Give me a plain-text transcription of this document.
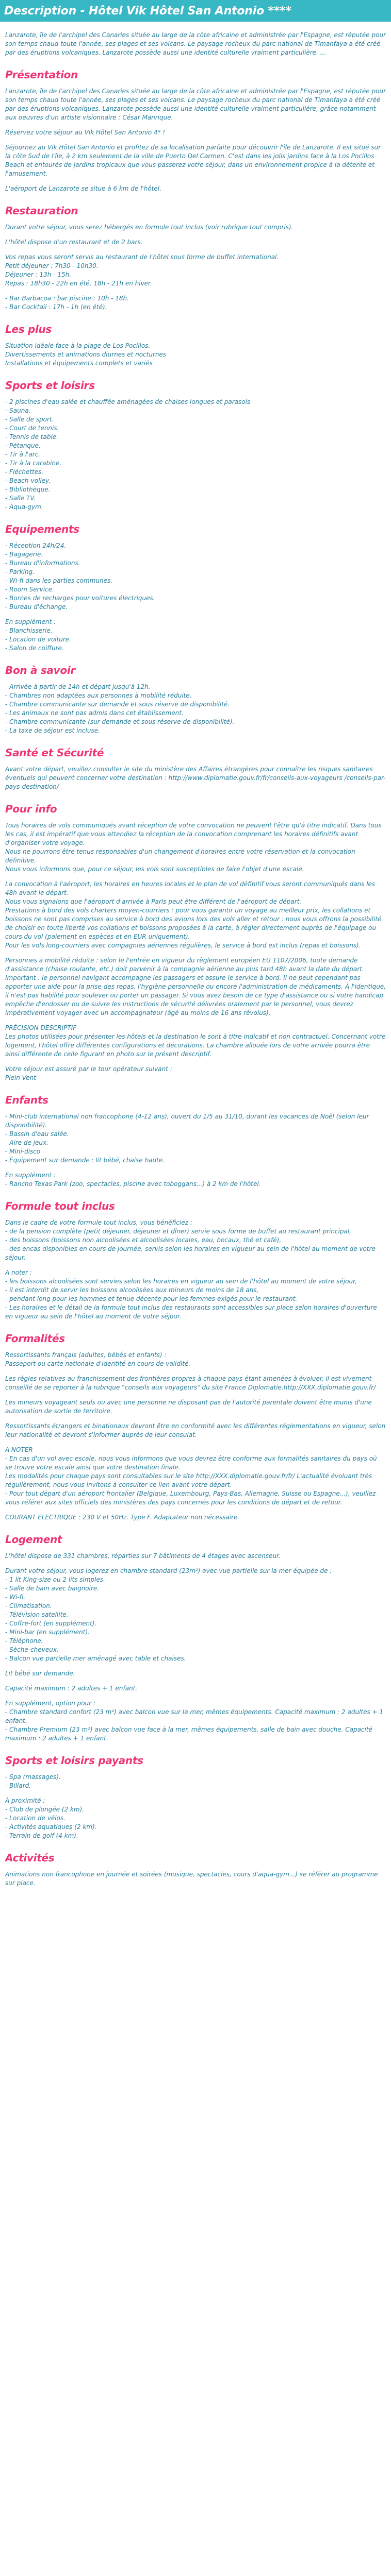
Description - Hôtel Vik Hôtel San Antonio ****

Lanzarote, île de l'archipel des Canaries située au large de la côte africaine et administrée par l'Espagne, est réputée pour son temps chaud toute l'année, ses plages et ses volcans. Le paysage rocheux du parc national de Timanfaya a été créé par des éruptions volcaniques. Lanzarote possède aussi une identité culturelle vraiment particulière. ...

Présentation

Lanzarote, île de l'archipel des Canaries située au large de la côte africaine et administrée par l'Espagne, est réputée pour son temps chaud toute l'année, ses plages et ses volcans. Le paysage rocheux du parc national de Timanfaya a été créé par des éruptions volcaniques. Lanzarote possède aussi une identité culturelle vraiment particulière, grâce notamment aux oeuvres d'un artiste visionnaire : César Manrique.

Réservez votre séjour au Vik Hôtel San Antonio 4* !

Séjournez au Vik Hôtel San Antonio et profitez de sa localisation parfaite pour découvrir l'île de Lanzarote. Il est situé sur la côte Sud de l'île, à 2 km seulement de la ville de Puerto Del Carmen. C'est dans les jolis jardins face à la Los Pocillos Beach et entourés de jardins tropicaux que vous passerez votre séjour, dans un environnement propice à la détente et l'amusement.

L'aéroport de Lanzarote se situe à 6 km de l'hôtel.

Restauration

Durant votre séjour, vous serez hébergés en formule tout inclus (voir rubrique tout compris).

L'hôtel dispose d'un restaurant et de 2 bars.

Vos repas vous seront servis au restaurant de l'hôtel sous forme de buffet international.

Petit déjeuner : 7h30 - 10h30.

Déjeuner : 13h - 15h.

Repas : 18h30 - 22h en été, 18h - 21h en hiver.

- Bar Barbacoa : bar piscine : 10h - 18h.

- Bar Cocktail : 17h - 1h (en été).

Les plus

Situation idéale face à la plage de Los Pocillos.

Divertissements et animations diurnes et nocturnes

Installations et équipements complets et variés

Sports et loisirs

- 2 piscines d'eau salée et chauffée aménagées de chaises longues et parasols

- Sauna.

- Salle de sport.

- Court de tennis.

- Tennis de table.

- Pétanque.

- Tir à l'arc.

- Tir à la carabine.

- Fléchettes.

- Beach-volley.

- Bibliothèque.

- Salle TV.

- Aqua-gym.

Equipements

- Réception 24h/24.

- Bagagerie.

- Bureau d'informations.

- Parking.

- Wi-fi dans les parties communes.

- Room Service.

- Bornes de recharges pour voitures électriques.

- Bureau d'échange.

En supplément :

- Blanchisserie.

- Location de voiture.

- Salon de coiffure.

Bon à savoir

- Arrivée à partir de 14h et départ jusqu'à 12h.

- Chambres non adaptées aux personnes à mobilité réduite.

- Chambre communicante sur demande et sous réserve de disponibilité.

- Les animaux ne sont pas admis dans cet établissement.

- Chambre communicante (sur demande et sous réserve de disponibilité).

- La taxe de séjour est incluse.

Santé et Sécurité

Avant votre départ, veuillez consulter le site du ministère des Affaires étrangères pour connaître les risques sanitaires éventuels qui peuvent concerner votre destination : http://www.diplomatie.gouv.fr/fr/conseils-aux-voyageurs /conseils-par-pays-destination/

Pour info

Tous horaires de vols communiqués avant réception de votre convocation ne peuvent l'être qu'à titre indicatif. Dans tous les cas, il est impératif que vous attendiez la réception de la convocation comprenant les horaires définitifs avant d'organiser votre voyage.

Nous ne pourrons être tenus responsables d'un changement d'horaires entre votre réservation et la convocation définitive.

Nous vous informons que, pour ce séjour, les vols sont susceptibles de faire l'objet d'une escale.

La convocation à l'aéroport, les horaires en heures locales et le plan de vol définitif vous seront communiqués dans les 48h avant le départ.

Nous vous signalons que l'aéroport d'arrivée à Paris peut être différent de l'aéroport de départ.

Prestations à bord des vols charters moyen-courriers : pour vous garantir un voyage au meilleur prix, les collations et boissons ne sont pas comprises au service à bord des avions lors des vols aller et retour : nous vous offrons la possibilité de choisir en toute liberté vos collations et boissons proposées à la carte, à régler directement auprès de l'équipage ou cours du vol (paiement en espèces et en EUR uniquement).

Pour les vols long-courriers avec compagnies aériennes régulières, le service à bord est inclus (repas et boissons).

Personnes à mobilité réduite : selon le l'entrée en vigueur du règlement européen EU 1107/2006, toute demande d'assistance (chaise roulante, etc.) doit parvenir à la compagnie aérienne au plus tard 48h avant la date du départ.

Important : le personnel navigant accompagne les passagers et assure le service à bord. Il ne peut cependant pas apporter une aide pour la prise des repas, l'hygiène personnelle ou encore l'administration de médicaments. À l'identique, il n'est pas habilité pour soulever ou porter un passager. Si vous avez besoin de ce type d'assistance ou si votre handicap empêche d'endosser ou de suivre les instructions de sécurité délivrées oralement par le personnel, vous devrez impérativement voyager avec un accompagnateur (âgé au moins de 16 ans révolus).

PRÉCISION DESCRIPTIF

Les photos utilisées pour présenter les hôtels et la destination le sont à titre indicatif et non contractuel. Concernant votre logement, l'hôtel offre différentes configurations et décorations. La chambre allouée lors de votre arrivée pourra être ainsi différente de celle figurant en photo sur le présent descriptif.

Votre séjour est assuré par le tour opérateur suivant :

Plein Vent

Enfants

- Mini-club international non francophone (4-12 ans), ouvert du 1/5 au 31/10, durant les vacances de Noël (selon leur disponibilité).

- Bassin d'eau salée.

- Aire de jeux.

- Mini-disco

- Équipement sur demande : lit bébé, chaise haute.

En supplément :

- Rancho Texas Park (zoo, spectacles, piscine avec toboggans...) à 2 km de l'hôtel.

Formule tout inclus

Dans le cadre de votre formule tout inclus, vous bénéficiez :

- de la pension complète (petit déjeuner, déjeuner et dîner) servie sous forme de buffet au restaurant principal,

- des boissons (boissons non alcoolisées et alcoolisées locales, eau, bocaux, thé et café),

- des encas disponibles en cours de journée, servis selon les horaires en vigueur au sein de l'hôtel au moment de votre séjour.

A noter :

- les boissons alcoolisées sont servies selon les horaires en vigueur au sein de l'hôtel au moment de votre séjour,

- il est interdit de servir les boissons alcoolisées aux mineurs de moins de 18 ans,

- pendant long pour les hommes et tenue décente pour les femmes exigés pour le restaurant.

- Les horaires et le détail de la formule tout inclus des restaurants sont accessibles sur place selon horaires d'ouverture en vigueur au sein de l'hôtel au moment de votre séjour.

Formalités

Ressortissants français (adultes, bébés et enfants) :

Passeport ou carte nationale d'identité en cours de validité.

Les règles relatives au franchissement des frontières propres à chaque pays étant amenées à évoluer, il est vivement conseillé de se reporter à la rubrique "conseils aux voyageurs" du site France Diplomatie.http://XXX.diplomatie.gouv.fr/

Les mineurs voyageant seuls ou avec une personne ne disposant pas de l'autorité parentale doivent être munis d'une autorisation de sortie de territoire.

Ressortissants étrangers et binationaux devront être en conformité avec les différentes réglementations en vigueur, selon leur nationalité et devront s'informer auprès de leur consulat.

A NOTER

- En cas d'un vol avec escale, nous vous informons que vous devrez être conforme aux formalités sanitaires du pays où se trouve votre escale ainsi que votre destination finale.

Les modalités pour chaque pays sont consultables sur le site http://XXX.diplomatie.gouv.fr/fr/ L'actualité évoluant très régulièrement, nous vous invitons à consulter ce lien avant votre départ.

- Pour tout départ d'un aéroport frontalier (Belgique, Luxembourg, Pays-Bas, Allemagne, Suisse ou Espagne...), veuillez vous référer aux sites officiels des ministères des pays concernés pour les conditions de départ et de retour.

COURANT ELECTRIQUE : 230 V et 50Hz. Type F. Adaptateur non nécessaire.

Logement

L'hôtel dispose de 331 chambres, réparties sur 7 bâtiments de 4 étages avec ascenseur.

Durant votre séjour, vous logerez en chambre standard (23m²) avec vue partielle sur la mer équipée de :

- 1 lit King-size ou 2 lits simples.

- Salle de bain avec baignoire.

- Wi-fi.

- Climatisation.

- Télévision satellite.

- Coffre-fort (en supplément).

- Mini-bar (en supplément).

- Téléphone.

- Sèche-cheveux.

- Balcon vue partielle mer aménagé avec table et chaises.

Lit bébé sur demande.

Capacité maximum : 2 adultes + 1 enfant.

En supplément, option pour :

- Chambre standard confort (23 m²) avec balcon vue sur la mer, mêmes équipements. Capacité maximum : 2 adultes + 1 enfant.

- Chambre Premium (23 m²) avec balcon vue face à la mer, mêmes équipements, salle de bain avec douche. Capacité maximum : 2 adultes + 1 enfant.

Sports et loisirs payants

- Spa (massages).

- Billard.

À proximité :

- Club de plongée (2 km).

- Location de vélos.

- Activités aquatiques (2 km).

- Terrain de golf (4 km).

Activités

Animations non francophone en journée et soirées (musique, spectacles, cours d'aqua-gym...) se référer au programme sur place.
